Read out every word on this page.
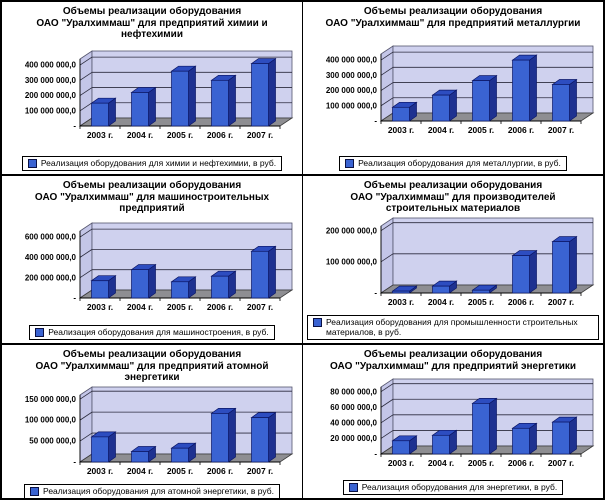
Объемы реализации оборудования
ОАО "Уралхиммаш" для предприятий химии и
нефтехимии
400 000 000,0
300 000 000,0
200 000 000,0
100 000 000,0
-
2003 г. 2004 г. 2005 г. 2006 г. 2007 г.
Реализация оборудования для химии и нефтехимии, в руб.
Объемы реализации оборудования
ОАО "Уралхиммаш" для предприятий металлургии
400 000 000,0
300 000 000,0
200 000 000,0
100 000 000,0
-
2003 г. 2004 г. 2005 г. 2006 г. 2007 г.
Реализация оборудования для металлургии, в руб.
Объемы реализации оборудования
ОАО "Уралхиммаш" для машиностроительных
предприятий
600 000 000,0
400 000 000,0
200 000 000,0
-
2003 г. 2004 г. 2005 г. 2006 г. 2007 г.
Реализация оборудования для машиностроения, в руб.
Объемы реализации оборудования
ОАО "Уралхиммаш" для производителей
строительных материалов
200 000 000,0
100 000 000,0
-
2003 г. 2004 г. 2005 г. 2006 г. 2007 г.
Реализация оборудования для промышленности строительных материалов, в руб.
Объемы реализации оборудования
ОАО "Уралхиммаш" для предприятий атомной
энергетики
150 000 000,0
100 000 000,0
50 000 000,0
-
2003 г. 2004 г. 2005 г. 2006 г. 2007 г.
Реализация оборудования для атомной энергетики, в руб.
Объемы реализации оборудования
ОАО "Уралхиммаш" для предприятий энергетики
80 000 000,0
60 000 000,0
40 000 000,0
20 000 000,0
-
2003 г. 2004 г. 2005 г. 2006 г. 2007 г.
Реализация оборудования для энергетики, в руб.
